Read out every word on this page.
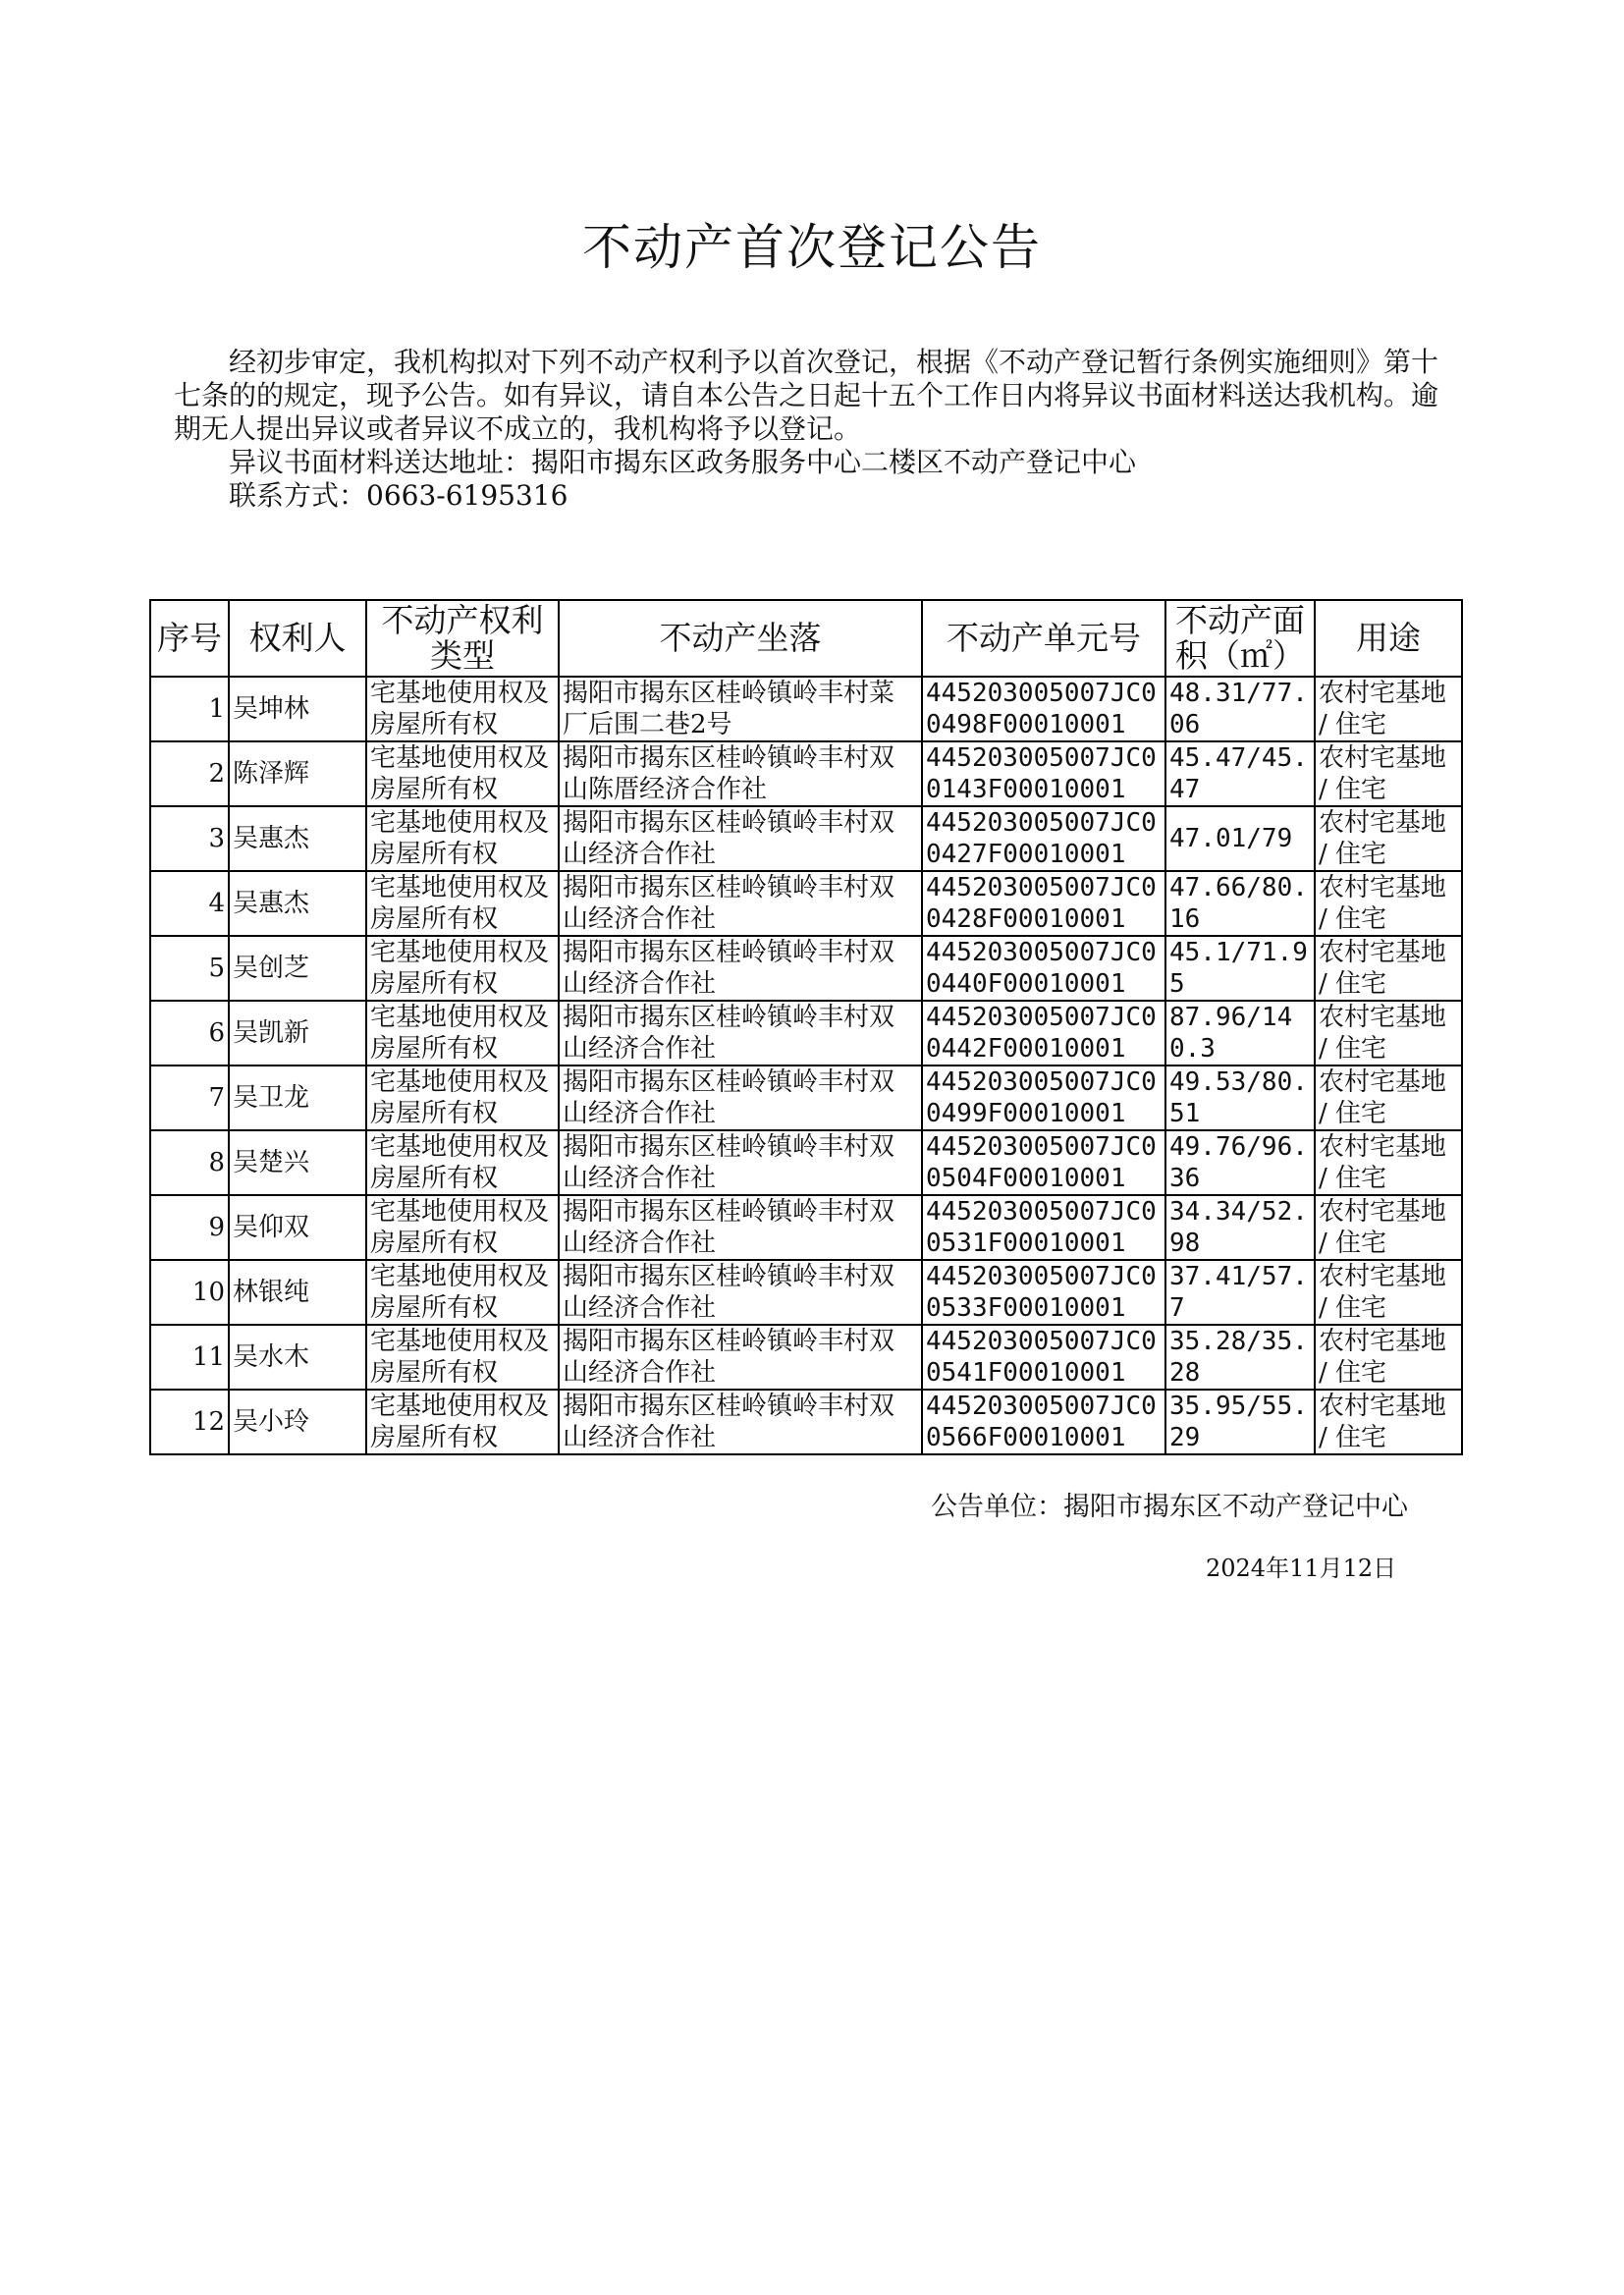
不动产首次登记公告

经初步审定，我机构拟对下列不动产权利予以首次登记，根据《不动产登记暂行条例实施细则》第十七条的的规定，现予公告。如有异议，请自本公告之日起十五个工作日内将异议书面材料送达我机构。逾期无人提出异议或者异议不成立的，我机构将予以登记。

异议书面材料送达地址：揭阳市揭东区政务服务中心二楼区不动产登记中心

联系方式：0663-6195316

序号	权利人	不动产权利类型	不动产坐落	不动产单元号	不动产面积（㎡）	用途

1	吴坤林	宅基地使用权及房屋所有权	揭阳市揭东区桂岭镇岭丰村菜厂后围二巷2号	445203005007JC00498F00010001	48.31/77.06	农村宅基地 / 住宅

2	陈泽辉	宅基地使用权及房屋所有权	揭阳市揭东区桂岭镇岭丰村双山陈厝经济合作社	445203005007JC00143F00010001	45.47/45.47	农村宅基地 / 住宅

3	吴惠杰	宅基地使用权及房屋所有权	揭阳市揭东区桂岭镇岭丰村双山经济合作社	445203005007JC00427F00010001	47.01/79	农村宅基地 / 住宅

4	吴惠杰	宅基地使用权及房屋所有权	揭阳市揭东区桂岭镇岭丰村双山经济合作社	445203005007JC00428F00010001	47.66/80.16	农村宅基地 / 住宅

5	吴创芝	宅基地使用权及房屋所有权	揭阳市揭东区桂岭镇岭丰村双山经济合作社	445203005007JC00440F00010001	45.1/71.95	农村宅基地 / 住宅

6	吴凯新	宅基地使用权及房屋所有权	揭阳市揭东区桂岭镇岭丰村双山经济合作社	445203005007JC00442F00010001	87.96/140.3	农村宅基地 / 住宅

7	吴卫龙	宅基地使用权及房屋所有权	揭阳市揭东区桂岭镇岭丰村双山经济合作社	445203005007JC00499F00010001	49.53/80.51	农村宅基地 / 住宅

8	吴楚兴	宅基地使用权及房屋所有权	揭阳市揭东区桂岭镇岭丰村双山经济合作社	445203005007JC00504F00010001	49.76/96.36	农村宅基地 / 住宅

9	吴仰双	宅基地使用权及房屋所有权	揭阳市揭东区桂岭镇岭丰村双山经济合作社	445203005007JC00531F00010001	34.34/52.98	农村宅基地 / 住宅

10	林银纯	宅基地使用权及房屋所有权	揭阳市揭东区桂岭镇岭丰村双山经济合作社	445203005007JC00533F00010001	37.41/57.7	农村宅基地 / 住宅

11	吴水木	宅基地使用权及房屋所有权	揭阳市揭东区桂岭镇岭丰村双山经济合作社	445203005007JC00541F00010001	35.28/35.28	农村宅基地 / 住宅

12	吴小玲	宅基地使用权及房屋所有权	揭阳市揭东区桂岭镇岭丰村双山经济合作社	445203005007JC00566F00010001	35.95/55.29	农村宅基地 / 住宅
公告单位：揭阳市揭东区不动产登记中心
2024年11月12日
